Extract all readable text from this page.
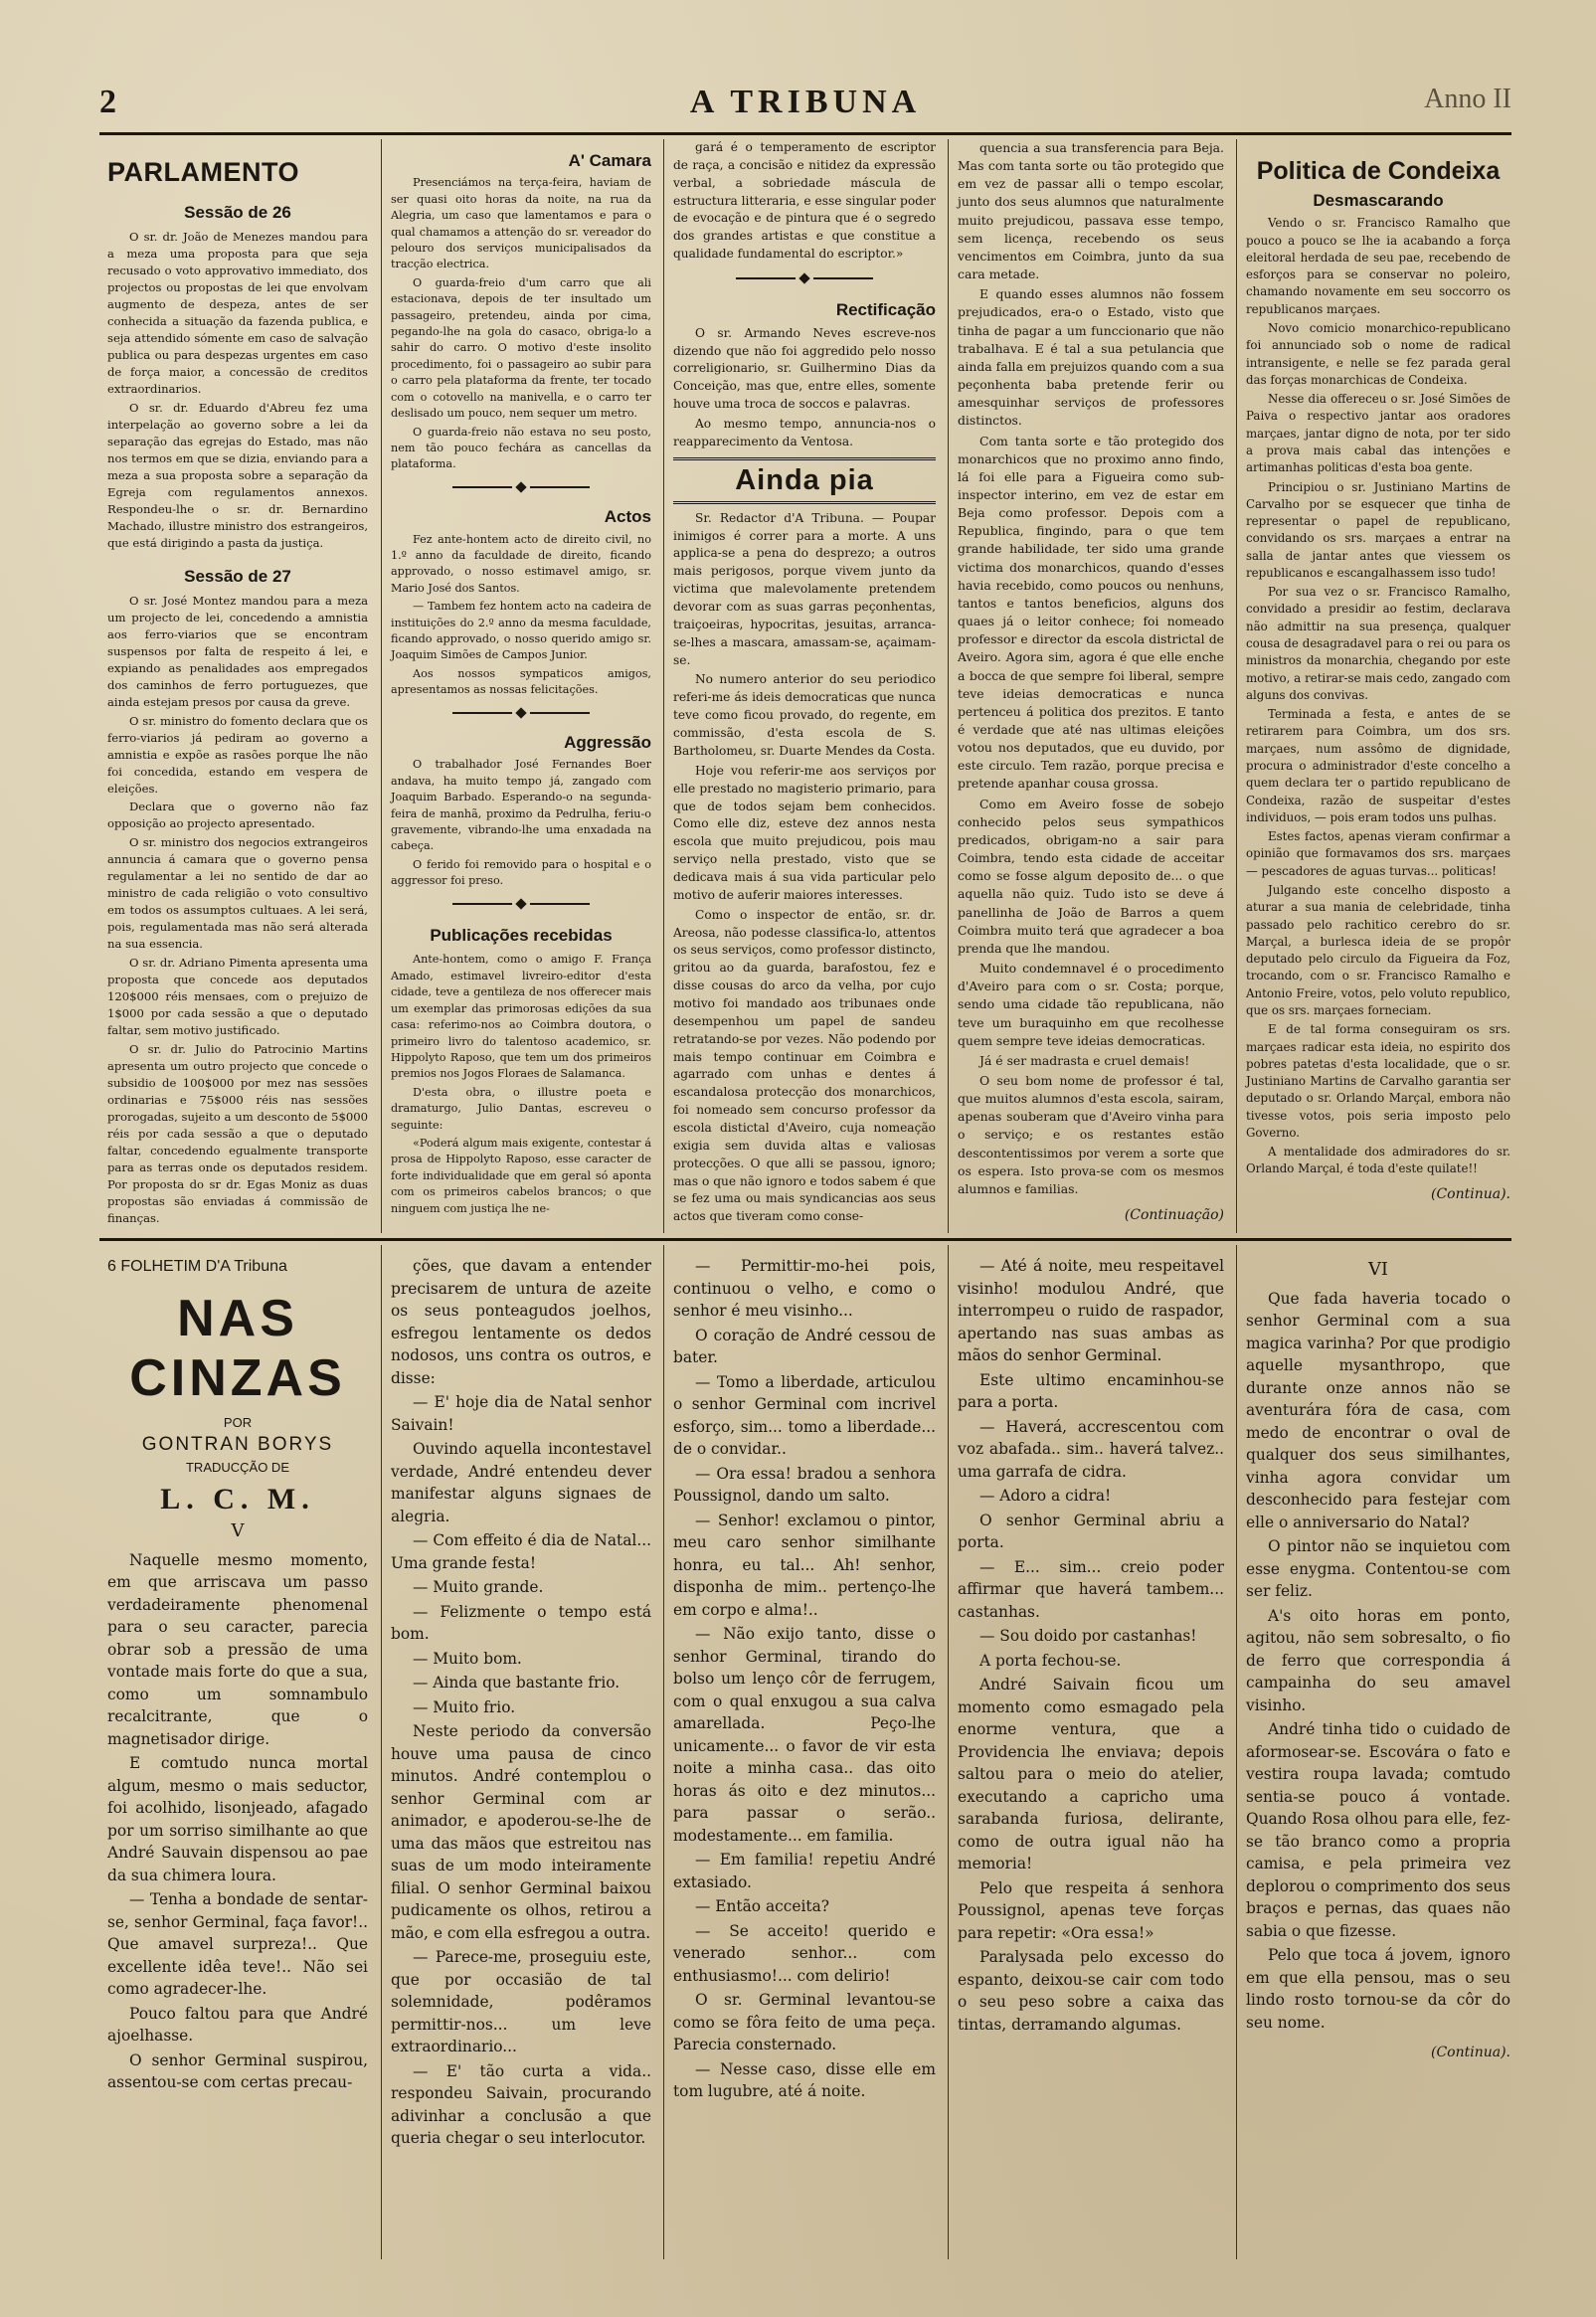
2	A TRIBUNA	Anno II
PARLAMENTO
Sessão de 26

O sr. dr. João de Menezes mandou para a meza uma proposta para que seja recusado o voto approvativo immediato, dos projectos ou propostas de lei que envolvam augmento de despeza, antes de ser conhecida a situação da fazenda publica, e seja attendido sómente em caso de salvação publica ou para despezas urgentes em caso de força maior, a concessão de creditos extraordinarios.

O sr. dr. Eduardo d'Abreu fez uma interpelação ao governo sobre a lei da separação das egrejas do Estado, mas não nos termos em que se dizia, enviando para a meza a sua proposta sobre a separação da Egreja com regulamentos annexos. Respondeu-lhe o sr. dr. Bernardino Machado, illustre ministro dos estrangeiros, que está dirigindo a pasta da justiça.

Sessão de 27

O sr. José Montez mandou para a meza um projecto de lei, concedendo a amnistia aos ferro-viarios que se encontram suspensos por falta de respeito á lei, e expiando as penalidades aos empregados dos caminhos de ferro portuguezes, que ainda estejam presos por causa da greve.

O sr. ministro do fomento declara que os ferro-viarios já pediram ao governo a amnistia e expõe as rasões porque lhe não foi concedida, estando em vespera de eleições.

Declara que o governo não faz opposição ao projecto apresentado.

O sr. ministro dos negocios extrangeiros annuncia á camara que o governo pensa regulamentar a lei no sentido de dar ao ministro de cada religião o voto consultivo em todos os assumptos cultuaes. A lei será, pois, regulamentada mas não será alterada na sua essencia.

O sr. dr. Adriano Pimenta apresenta uma proposta que concede aos deputados 120$000 réis mensaes, com o prejuizo de 1$000 por cada sessão a que o deputado faltar, sem motivo justificado.

O sr. dr. Julio do Patrocinio Martins apresenta um outro projecto que concede o subsidio de 100$000 por mez nas sessões ordinarias e 75$000 réis nas sessões prorogadas, sujeito a um desconto de 5$000 réis por cada sessão a que o deputado faltar, concedendo egualmente transporte para as terras onde os deputados residem. Por proposta do sr dr. Egas Moniz as duas propostas são enviadas á commissão de finanças.

A' Camara

Presenciámos na terça-feira, haviam de ser quasi oito horas da noite, na rua da Alegria, um caso que lamentamos e para o qual chamamos a attenção do sr. vereador do pelouro dos serviços municipalisados da tracção electrica.

O guarda-freio d'um carro que ali estacionava, depois de ter insultado um passageiro, pretendeu, ainda por cima, pegando-lhe na gola do casaco, obriga-lo a sahir do carro. O motivo d'este insolito procedimento, foi o passageiro ao subir para o carro pela plataforma da frente, ter tocado com o cotovello na manivella, e o carro ter deslisado um pouco, nem sequer um metro.

O guarda-freio não estava no seu posto, nem tão pouco fechára as cancellas da plataforma.

Actos

Fez ante-hontem acto de direito civil, no 1.º anno da faculdade de direito, ficando approvado, o nosso estimavel amigo, sr. Mario José dos Santos.

— Tambem fez hontem acto na cadeira de instituições do 2.º anno da mesma faculdade, ficando approvado, o nosso querido amigo sr. Joaquim Simões de Campos Junior.

Aos nossos sympaticos amigos, apresentamos as nossas felicitações.

Aggressão

O trabalhador José Fernandes Boer andava, ha muito tempo já, zangado com Joaquim Barbado. Esperando-o na segunda-feira de manhã, proximo da Pedrulha, feriu-o gravemente, vibrando-lhe uma enxadada na cabeça.

O ferido foi removido para o hospital e o aggressor foi preso.

Publicações recebidas

Ante-hontem, como o amigo F. França Amado, estimavel livreiro-editor d'esta cidade, teve a gentileza de nos offerecer mais um exemplar das primorosas edições da sua casa: referimo-nos ao Coimbra doutora, o primeiro livro do talentoso academico, sr. Hippolyto Raposo, que tem um dos primeiros premios nos Jogos Floraes de Salamanca.

D'esta obra, o illustre poeta e dramaturgo, Julio Dantas, escreveu o seguinte:

«Poderá algum mais exigente, contestar á prosa de Hippolyto Raposo, esse caracter de forte individualidade que em geral só aponta com os primeiros cabelos brancos; o que ninguem com justiça lhe ne-

gará é o temperamento de escriptor de raça, a concisão e nitidez da expressão verbal, a sobriedade máscula de estructura litteraria, e esse singular poder de evocação e de pintura que é o segredo dos grandes artistas e que constitue a qualidade fundamental do escriptor.»

Rectificação

O sr. Armando Neves escreve-nos dizendo que não foi aggredido pelo nosso correligionario, sr. Guilhermino Dias da Conceição, mas que, entre elles, somente houve uma troca de soccos e palavras.

Ao mesmo tempo, annuncia-nos o reapparecimento da Ventosa.

Ainda pia

Sr. Redactor d'A Tribuna. — Poupar inimigos é correr para a morte. A uns applica-se a pena do desprezo; a outros mais perigosos, porque vivem junto da victima que malevolamente pretendem devorar com as suas garras peçonhentas, traiçoeiras, hypocritas, jesuitas, arranca-se-lhes a mascara, amassam-se, açaimam-se.

No numero anterior do seu periodico referi-me ás ideis democraticas que nunca teve como ficou provado, do regente, em commissão, d'esta escola de S. Bartholomeu, sr. Duarte Mendes da Costa.

Hoje vou referir-me aos serviços por elle prestado no magisterio primario, para que de todos sejam bem conhecidos. Como elle diz, esteve dez annos nesta escola que muito prejudicou, pois mau serviço nella prestado, visto que se dedicava mais á sua vida particular pelo motivo de auferir maiores interesses.

Como o inspector de então, sr. dr. Areosa, não podesse classifica-lo, attentos os seus serviços, como professor distincto, gritou ao da guarda, barafostou, fez e disse cousas do arco da velha, por cujo motivo foi mandado aos tribunaes onde desempenhou um papel de sandeu retratando-se por vezes. Não podendo por mais tempo continuar em Coimbra e agarrado com unhas e dentes á escandalosa protecção dos monarchicos, foi nomeado sem concurso professor da escola distictal d'Aveiro, cuja nomeação exigia sem duvida altas e valiosas protecções. O que alli se passou, ignoro; mas o que não ignoro e todos sabem é que se fez uma ou mais syndicancias aos seus actos que tiveram como conse-

quencia a sua transferencia para Beja. Mas com tanta sorte ou tão protegido que em vez de passar alli o tempo escolar, junto dos seus alumnos que naturalmente muito prejudicou, passava esse tempo, sem licença, recebendo os seus vencimentos em Coimbra, junto da sua cara metade.

E quando esses alumnos não fossem prejudicados, era-o o Estado, visto que tinha de pagar a um funccionario que não trabalhava. E é tal a sua petulancia que ainda falla em prejuizos quando com a sua peçonhenta baba pretende ferir ou amesquinhar serviços de professores distinctos.

Com tanta sorte e tão protegido dos monarchicos que no proximo anno findo, lá foi elle para a Figueira como sub-inspector interino, em vez de estar em Beja como professor. Depois com a Republica, fingindo, para o que tem grande habilidade, ter sido uma grande victima dos monarchicos, quando d'esses havia recebido, como poucos ou nenhuns, tantos e tantos beneficios, alguns dos quaes já o leitor conhece; foi nomeado professor e director da escola districtal de Aveiro. Agora sim, agora é que elle enche a bocca de que sempre foi liberal, sempre teve ideias democraticas e nunca pertenceu á politica dos prezitos. E tanto é verdade que até nas ultimas eleições votou nos deputados, que eu duvido, por este circulo. Tem razão, porque precisa e pretende apanhar cousa grossa.

Como em Aveiro fosse de sobejo conhecido pelos seus sympathicos predicados, obrigam-no a sair para Coimbra, tendo esta cidade de acceitar como se fosse algum deposito de... o que aquella não quiz. Tudo isto se deve á panellinha de João de Barros a quem Coimbra muito terá que agradecer a boa prenda que lhe mandou.

Muito condemnavel é o procedimento d'Aveiro para com o sr. Costa; porque, sendo uma cidade tão republicana, não teve um buraquinho em que recolhesse quem sempre teve ideias democraticas.

Já é ser madrasta e cruel demais!

O seu bom nome de professor é tal, que muitos alumnos d'esta escola, sairam, apenas souberam que d'Aveiro vinha para o serviço; e os restantes estão descontentissimos por verem a sorte que os espera. Isto prova-se com os mesmos alumnos e familias.

(Continuação)
Politica de Condeixa
Desmascarando

Vendo o sr. Francisco Ramalho que pouco a pouco se lhe ia acabando a força eleitoral herdada de seu pae, recebendo de esforços para se conservar no poleiro, chamando novamente em seu soccorro os republicanos marçaes.

Novo comicio monarchico-republicano foi annunciado sob o nome de radical intransigente, e nelle se fez parada geral das forças monarchicas de Condeixa.

Nesse dia offereceu o sr. José Simões de Paiva o respectivo jantar aos oradores marçaes, jantar digno de nota, por ter sido a prova mais cabal das intenções e artimanhas politicas d'esta boa gente.

Principiou o sr. Justiniano Martins de Carvalho por se esquecer que tinha de representar o papel de republicano, convidando os srs. marçaes a entrar na salla de jantar antes que viessem os republicanos e escangalhassem isso tudo!

Por sua vez o sr. Francisco Ramalho, convidado a presidir ao festim, declarava não admittir na sua presença, qualquer cousa de desagradavel para o rei ou para os ministros da monarchia, chegando por este motivo, a retirar-se mais cedo, zangado com alguns dos convivas.

Terminada a festa, e antes de se retirarem para Coimbra, um dos srs. marçaes, num assômo de dignidade, procura o administrador d'este concelho a quem declara ter o partido republicano de Condeixa, razão de suspeitar d'estes individuos, — pois eram todos uns pulhas.

Estes factos, apenas vieram confirmar a opinião que formavamos dos srs. marçaes — pescadores de aguas turvas... politicas!

Julgando este concelho disposto a aturar a sua mania de celebridade, tinha passado pelo rachitico cerebro do sr. Marçal, a burlesca ideia de se propôr deputado pelo circulo da Figueira da Foz, trocando, com o sr. Francisco Ramalho e Antonio Freire, votos, pelo voluto republico, que os srs. marçaes forneciam.

E de tal forma conseguiram os srs. marçaes radicar esta ideia, no espirito dos pobres patetas d'esta localidade, que o sr. Justiniano Martins de Carvalho garantia ser deputado o sr. Orlando Marçal, embora não tivesse votos, pois seria imposto pelo Governo.

A mentalidade dos admiradores do sr. Orlando Marçal, é toda d'este quilate!!

(Continua).
6 FOLHETIM D'A Tribuna
NAS CINZAS
POR
GONTRAN BORYS
TRADUCÇÃO DE
L. C. M.
V

Naquelle mesmo momento, em que arriscava um passo verdadeiramente phenomenal para o seu caracter, parecia obrar sob a pressão de uma vontade mais forte do que a sua, como um somnambulo recalcitrante, que o magnetisador dirige.

E comtudo nunca mortal algum, mesmo o mais seductor, foi acolhido, lisonjeado, afagado por um sorriso similhante ao que André Sauvain dispensou ao pae da sua chimera loura.

— Tenha a bondade de sentar-se, senhor Germinal, faça favor!.. Que amavel surpreza!.. Que excellente idêa teve!.. Não sei como agradecer-lhe.

Pouco faltou para que André ajoelhasse.

O senhor Germinal suspirou, assentou-se com certas precau-

ções, que davam a entender precisarem de untura de azeite os seus ponteagudos joelhos, esfregou lentamente os dedos nodosos, uns contra os outros, e disse:

— E' hoje dia de Natal senhor Saivain!

Ouvindo aquella incontestavel verdade, André entendeu dever manifestar alguns signaes de alegria.

— Com effeito é dia de Natal... Uma grande festa!

— Muito grande.

— Felizmente o tempo está bom.

— Muito bom.

— Ainda que bastante frio.

— Muito frio.

Neste periodo da conversão houve uma pausa de cinco minutos. André contemplou o senhor Germinal com ar animador, e apoderou-se-lhe de uma das mãos que estreitou nas suas de um modo inteiramente filial. O senhor Germinal baixou pudicamente os olhos, retirou a mão, e com ella esfregou a outra.

— Parece-me, proseguiu este, que por occasião de tal solemnidade, podêramos permittir-nos... um leve extraordinario...

— E' tão curta a vida.. respondeu Saivain, procurando adivinhar a conclusão a que queria chegar o seu interlocutor.

— Permittir-mo-hei pois, continuou o velho, e como o senhor é meu visinho...

O coração de André cessou de bater.

— Tomo a liberdade, articulou o senhor Germinal com incrivel esforço, sim... tomo a liberdade... de o convidar..

— Ora essa! bradou a senhora Poussignol, dando um salto.

— Senhor! exclamou o pintor, meu caro senhor similhante honra, eu tal... Ah! senhor, disponha de mim.. pertenço-lhe em corpo e alma!..

— Não exijo tanto, disse o senhor Germinal, tirando do bolso um lenço côr de ferrugem, com o qual enxugou a sua calva amarellada. Peço-lhe unicamente... o favor de vir esta noite a minha casa.. das oito horas ás oito e dez minutos... para passar o serão.. modestamente... em familia.

— Em familia! repetiu André extasiado.

— Então acceita?

— Se acceito! querido e venerado senhor... com enthusiasmo!... com delirio!

O sr. Germinal levantou-se como se fôra feito de uma peça. Parecia consternado.

— Nesse caso, disse elle em tom lugubre, até á noite.

— Até á noite, meu respeitavel visinho! modulou André, que interrompeu o ruido de raspador, apertando nas suas ambas as mãos do senhor Germinal.

Este ultimo encaminhou-se para a porta.

— Haverá, accrescentou com voz abafada.. sim.. haverá talvez.. uma garrafa de cidra.

— Adoro a cidra!

O senhor Germinal abriu a porta.

— E... sim... creio poder affirmar que haverá tambem... castanhas.

— Sou doido por castanhas!

A porta fechou-se.

André Saivain ficou um momento como esmagado pela enorme ventura, que a Providencia lhe enviava; depois saltou para o meio do atelier, executando a capricho uma sarabanda furiosa, delirante, como de outra igual não ha memoria!

Pelo que respeita á senhora Poussignol, apenas teve forças para repetir: «Ora essa!»

Paralysada pelo excesso do espanto, deixou-se cair com todo o seu peso sobre a caixa das tintas, derramando algumas.

VI

Que fada haveria tocado o senhor Germinal com a sua magica varinha? Por que prodigio aquelle mysanthropo, que durante onze annos não se aventurára fóra de casa, com medo de encontrar o oval de qualquer dos seus similhantes, vinha agora convidar um desconhecido para festejar com elle o anniversario do Natal?

O pintor não se inquietou com esse enygma. Contentou-se com ser feliz.

A's oito horas em ponto, agitou, não sem sobresalto, o fio de ferro que correspondia á campainha do seu amavel visinho.

André tinha tido o cuidado de aformosear-se. Escovára o fato e vestira roupa lavada; comtudo sentia-se pouco á vontade. Quando Rosa olhou para elle, fez-se tão branco como a propria camisa, e pela primeira vez deplorou o comprimento dos seus braços e pernas, das quaes não sabia o que fizesse.

Pelo que toca á jovem, ignoro em que ella pensou, mas o seu lindo rosto tornou-se da côr do seu nome.

(Continua).
